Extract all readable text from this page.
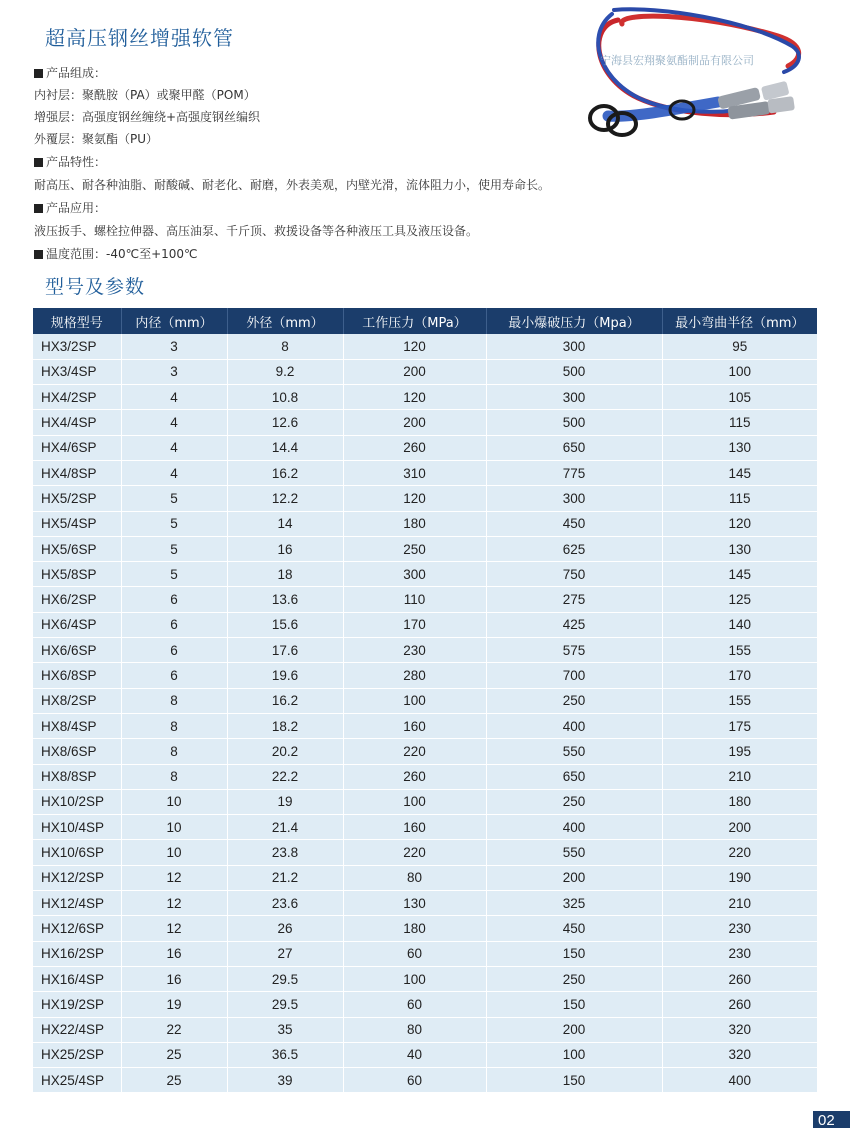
超高压钢丝增强软管
宁海县宏翔聚氨酯制品有限公司
产品组成：
内衬层：聚酰胺（PA）或聚甲醛（POM）
增强层：高强度钢丝缠绕+高强度钢丝编织
外覆层：聚氨酯（PU）
产品特性：
耐高压、耐各种油脂、耐酸碱、耐老化、耐磨，外表美观，内壁光滑，流体阻力小，使用寿命长。
产品应用：
液压扳手、螺栓拉伸器、高压油泵、千斤顶、救援设备等各种液压工具及液压设备。
温度范围：-40℃至+100℃
型号及参数
规格型号	内径（mm）	外径（mm）	工作压力（MPa）	最小爆破压力（Mpa）	最小弯曲半径（mm）
HX3/2SP	3	8	120	300	95
HX3/4SP	3	9.2	200	500	100
HX4/2SP	4	10.8	120	300	105
HX4/4SP	4	12.6	200	500	115
HX4/6SP	4	14.4	260	650	130
HX4/8SP	4	16.2	310	775	145
HX5/2SP	5	12.2	120	300	115
HX5/4SP	5	14	180	450	120
HX5/6SP	5	16	250	625	130
HX5/8SP	5	18	300	750	145
HX6/2SP	6	13.6	110	275	125
HX6/4SP	6	15.6	170	425	140
HX6/6SP	6	17.6	230	575	155
HX6/8SP	6	19.6	280	700	170
HX8/2SP	8	16.2	100	250	155
HX8/4SP	8	18.2	160	400	175
HX8/6SP	8	20.2	220	550	195
HX8/8SP	8	22.2	260	650	210
HX10/2SP	10	19	100	250	180
HX10/4SP	10	21.4	160	400	200
HX10/6SP	10	23.8	220	550	220
HX12/2SP	12	21.2	80	200	190
HX12/4SP	12	23.6	130	325	210
HX12/6SP	12	26	180	450	230
HX16/2SP	16	27	60	150	230
HX16/4SP	16	29.5	100	250	260
HX19/2SP	19	29.5	60	150	260
HX22/4SP	22	35	80	200	320
HX25/2SP	25	36.5	40	100	320
HX25/4SP	25	39	60	150	400
02
